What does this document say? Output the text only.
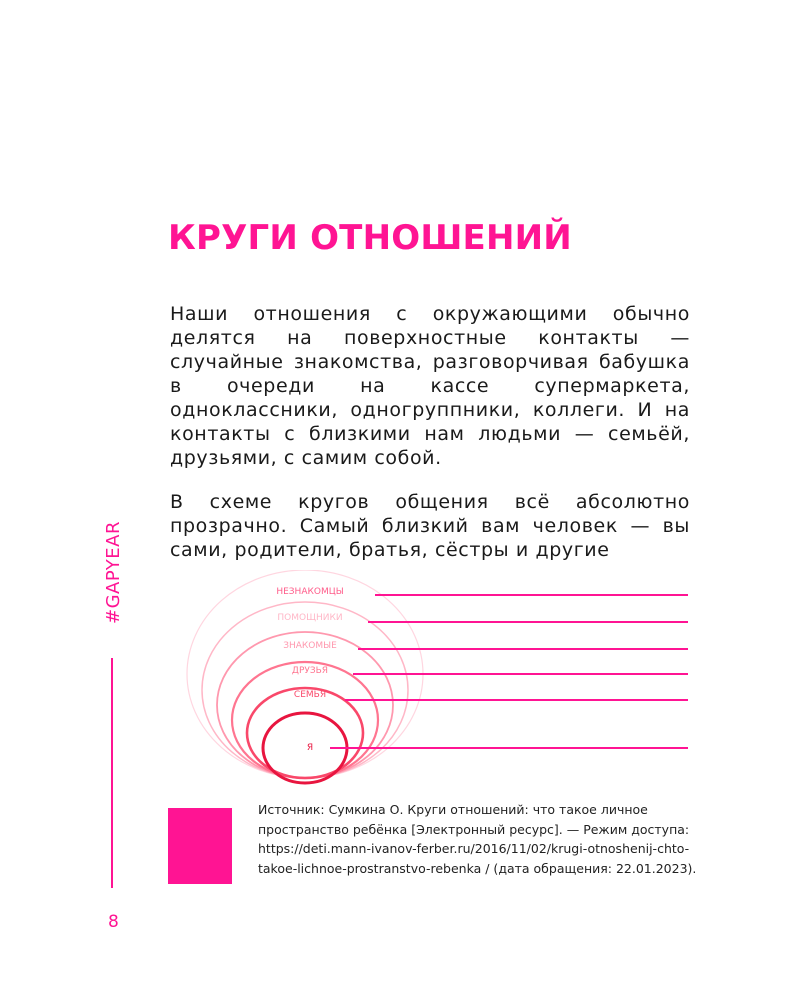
КРУГИ ОТНОШЕНИЙ

Наши отношения с окружающими обычно делятся на поверхностные контакты — случайные знакомства, разговорчивая бабушка в очереди на кассе супермаркета, одноклассники, одногруппники, коллеги. И на контакты с близкими нам людьми — семьёй, друзьями, с самим собой.

В схеме кругов общения всё абсолютно прозрачно. Самый близкий вам человек — вы сами, родители, братья, сёстры и другие

#GAPYEAR
8
НЕЗНАКОМЦЫ
ПОМОЩНИКИ
ЗНАКОМЫЕ
ДРУЗЬЯ
СЕМЬЯ
Я

Источник: Сумкина О. Круги отношений: что такое личное пространство ребёнка [Электронный ресурс]. — Режим доступа: https://deti.mann-ivanov-ferber.ru/2016/11/02/krugi-otnoshenij-chto-takoe-lichnoe-prostranstvo-rebenka / (дата обращения: 22.01.2023).
